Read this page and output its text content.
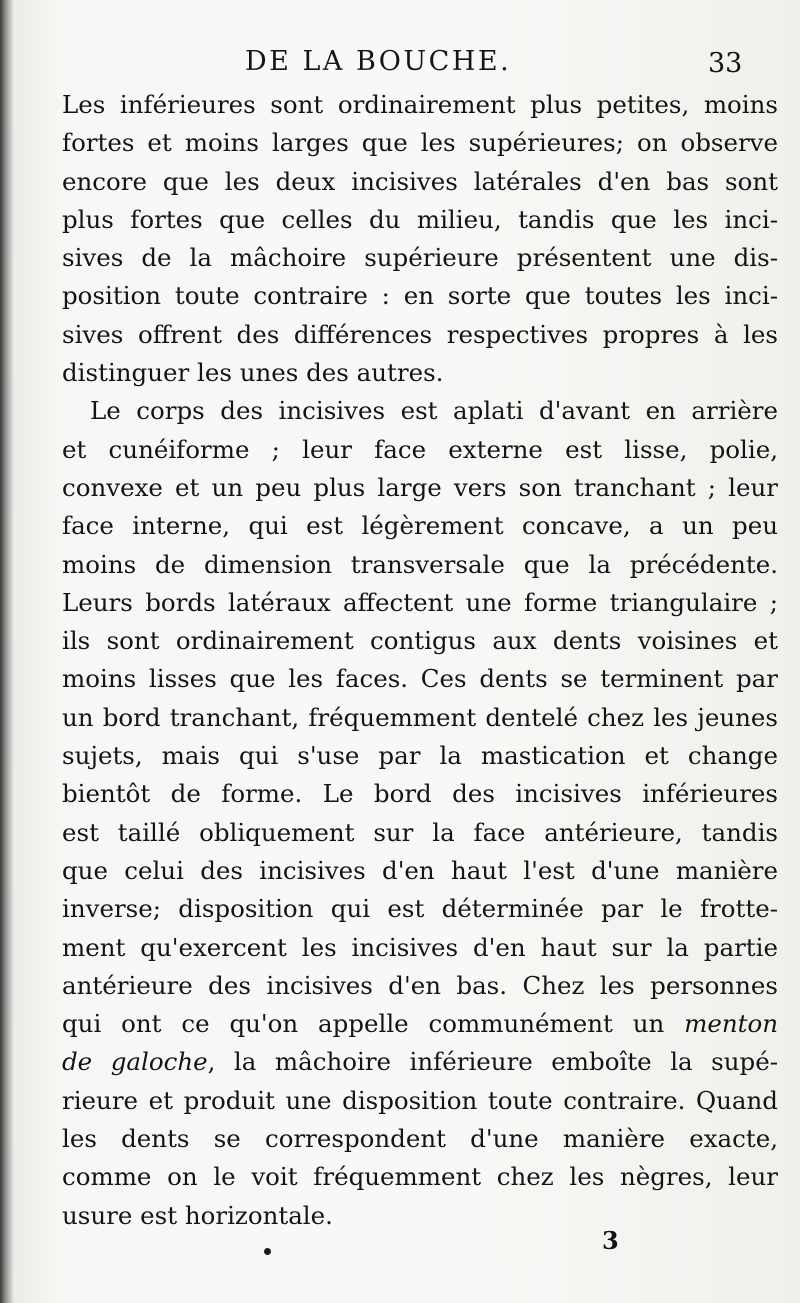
DE LA BOUCHE.	33
Les inférieures sont ordinairement plus petites, moins
fortes et moins larges que les supérieures; on observe
encore que les deux incisives latérales d'en bas sont
plus fortes que celles du milieu, tandis que les inci-
sives de la mâchoire supérieure présentent une dis-
position toute contraire : en sorte que toutes les inci-
sives offrent des différences respectives propres à les
distinguer les unes des autres.
Le corps des incisives est aplati d'avant en arrière
et cunéiforme ; leur face externe est lisse, polie,
convexe et un peu plus large vers son tranchant ; leur
face interne, qui est légèrement concave, a un peu
moins de dimension transversale que la précédente.
Leurs bords latéraux affectent une forme triangulaire ;
ils sont ordinairement contigus aux dents voisines et
moins lisses que les faces. Ces dents se terminent par
un bord tranchant, fréquemment dentelé chez les jeunes
sujets, mais qui s'use par la mastication et change
bientôt de forme. Le bord des incisives inférieures
est taillé obliquement sur la face antérieure, tandis
que celui des incisives d'en haut l'est d'une manière
inverse; disposition qui est déterminée par le frotte-
ment qu'exercent les incisives d'en haut sur la partie
antérieure des incisives d'en bas. Chez les personnes
qui ont ce qu'on appelle communément un menton
de galoche, la mâchoire inférieure emboîte la supé-
rieure et produit une disposition toute contraire. Quand
les dents se correspondent d'une manière exacte,
comme on le voit fréquemment chez les nègres, leur
usure est horizontale.
3
